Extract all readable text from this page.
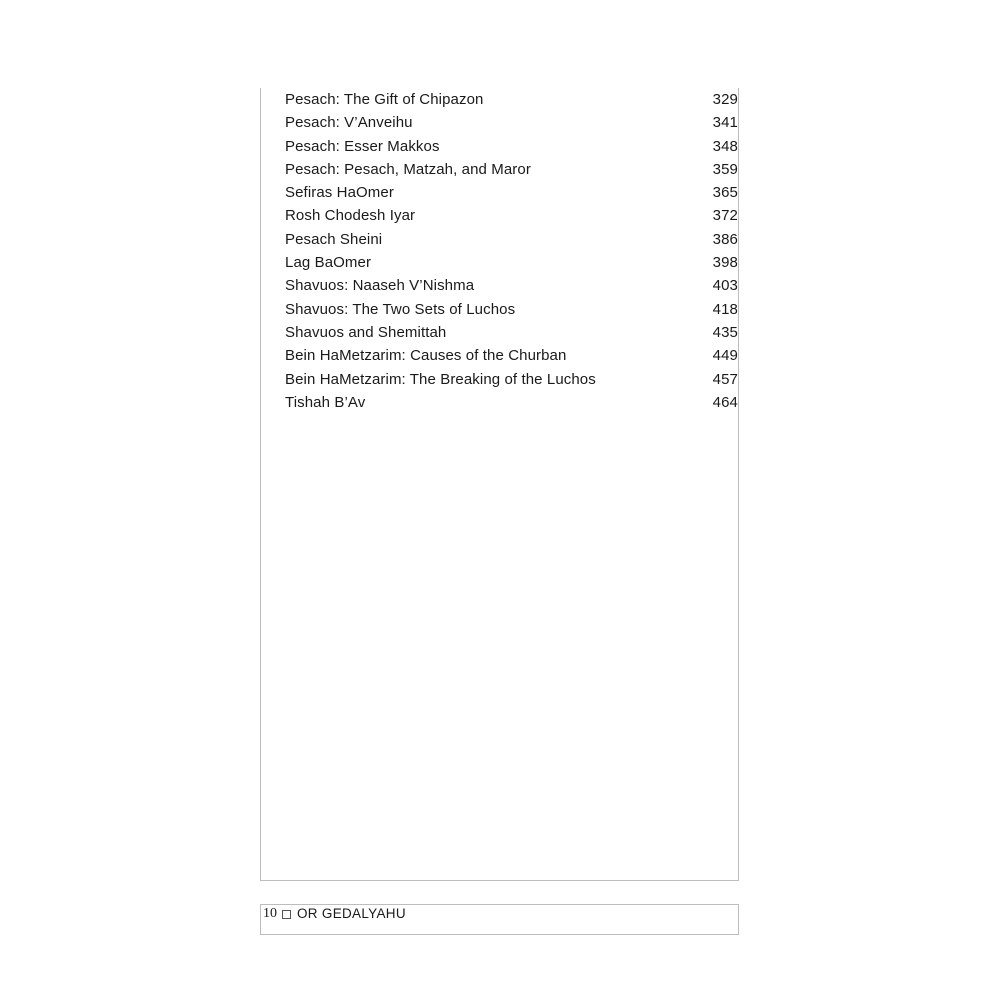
Pesach: The Gift of Chipazon	329
Pesach: V’Anveihu	341
Pesach: Esser Makkos	348
Pesach: Pesach, Matzah, and Maror	359
Sefiras HaOmer	365
Rosh Chodesh Iyar	372
Pesach Sheini	386
Lag BaOmer	398
Shavuos: Naaseh V’Nishma	403
Shavuos: The Two Sets of Luchos	418
Shavuos and Shemittah	435
Bein HaMetzarim: Causes of the Churban	449
Bein HaMetzarim: The Breaking of the Luchos	457
Tishah B’Av	464
10 OR GEDALYAHU
